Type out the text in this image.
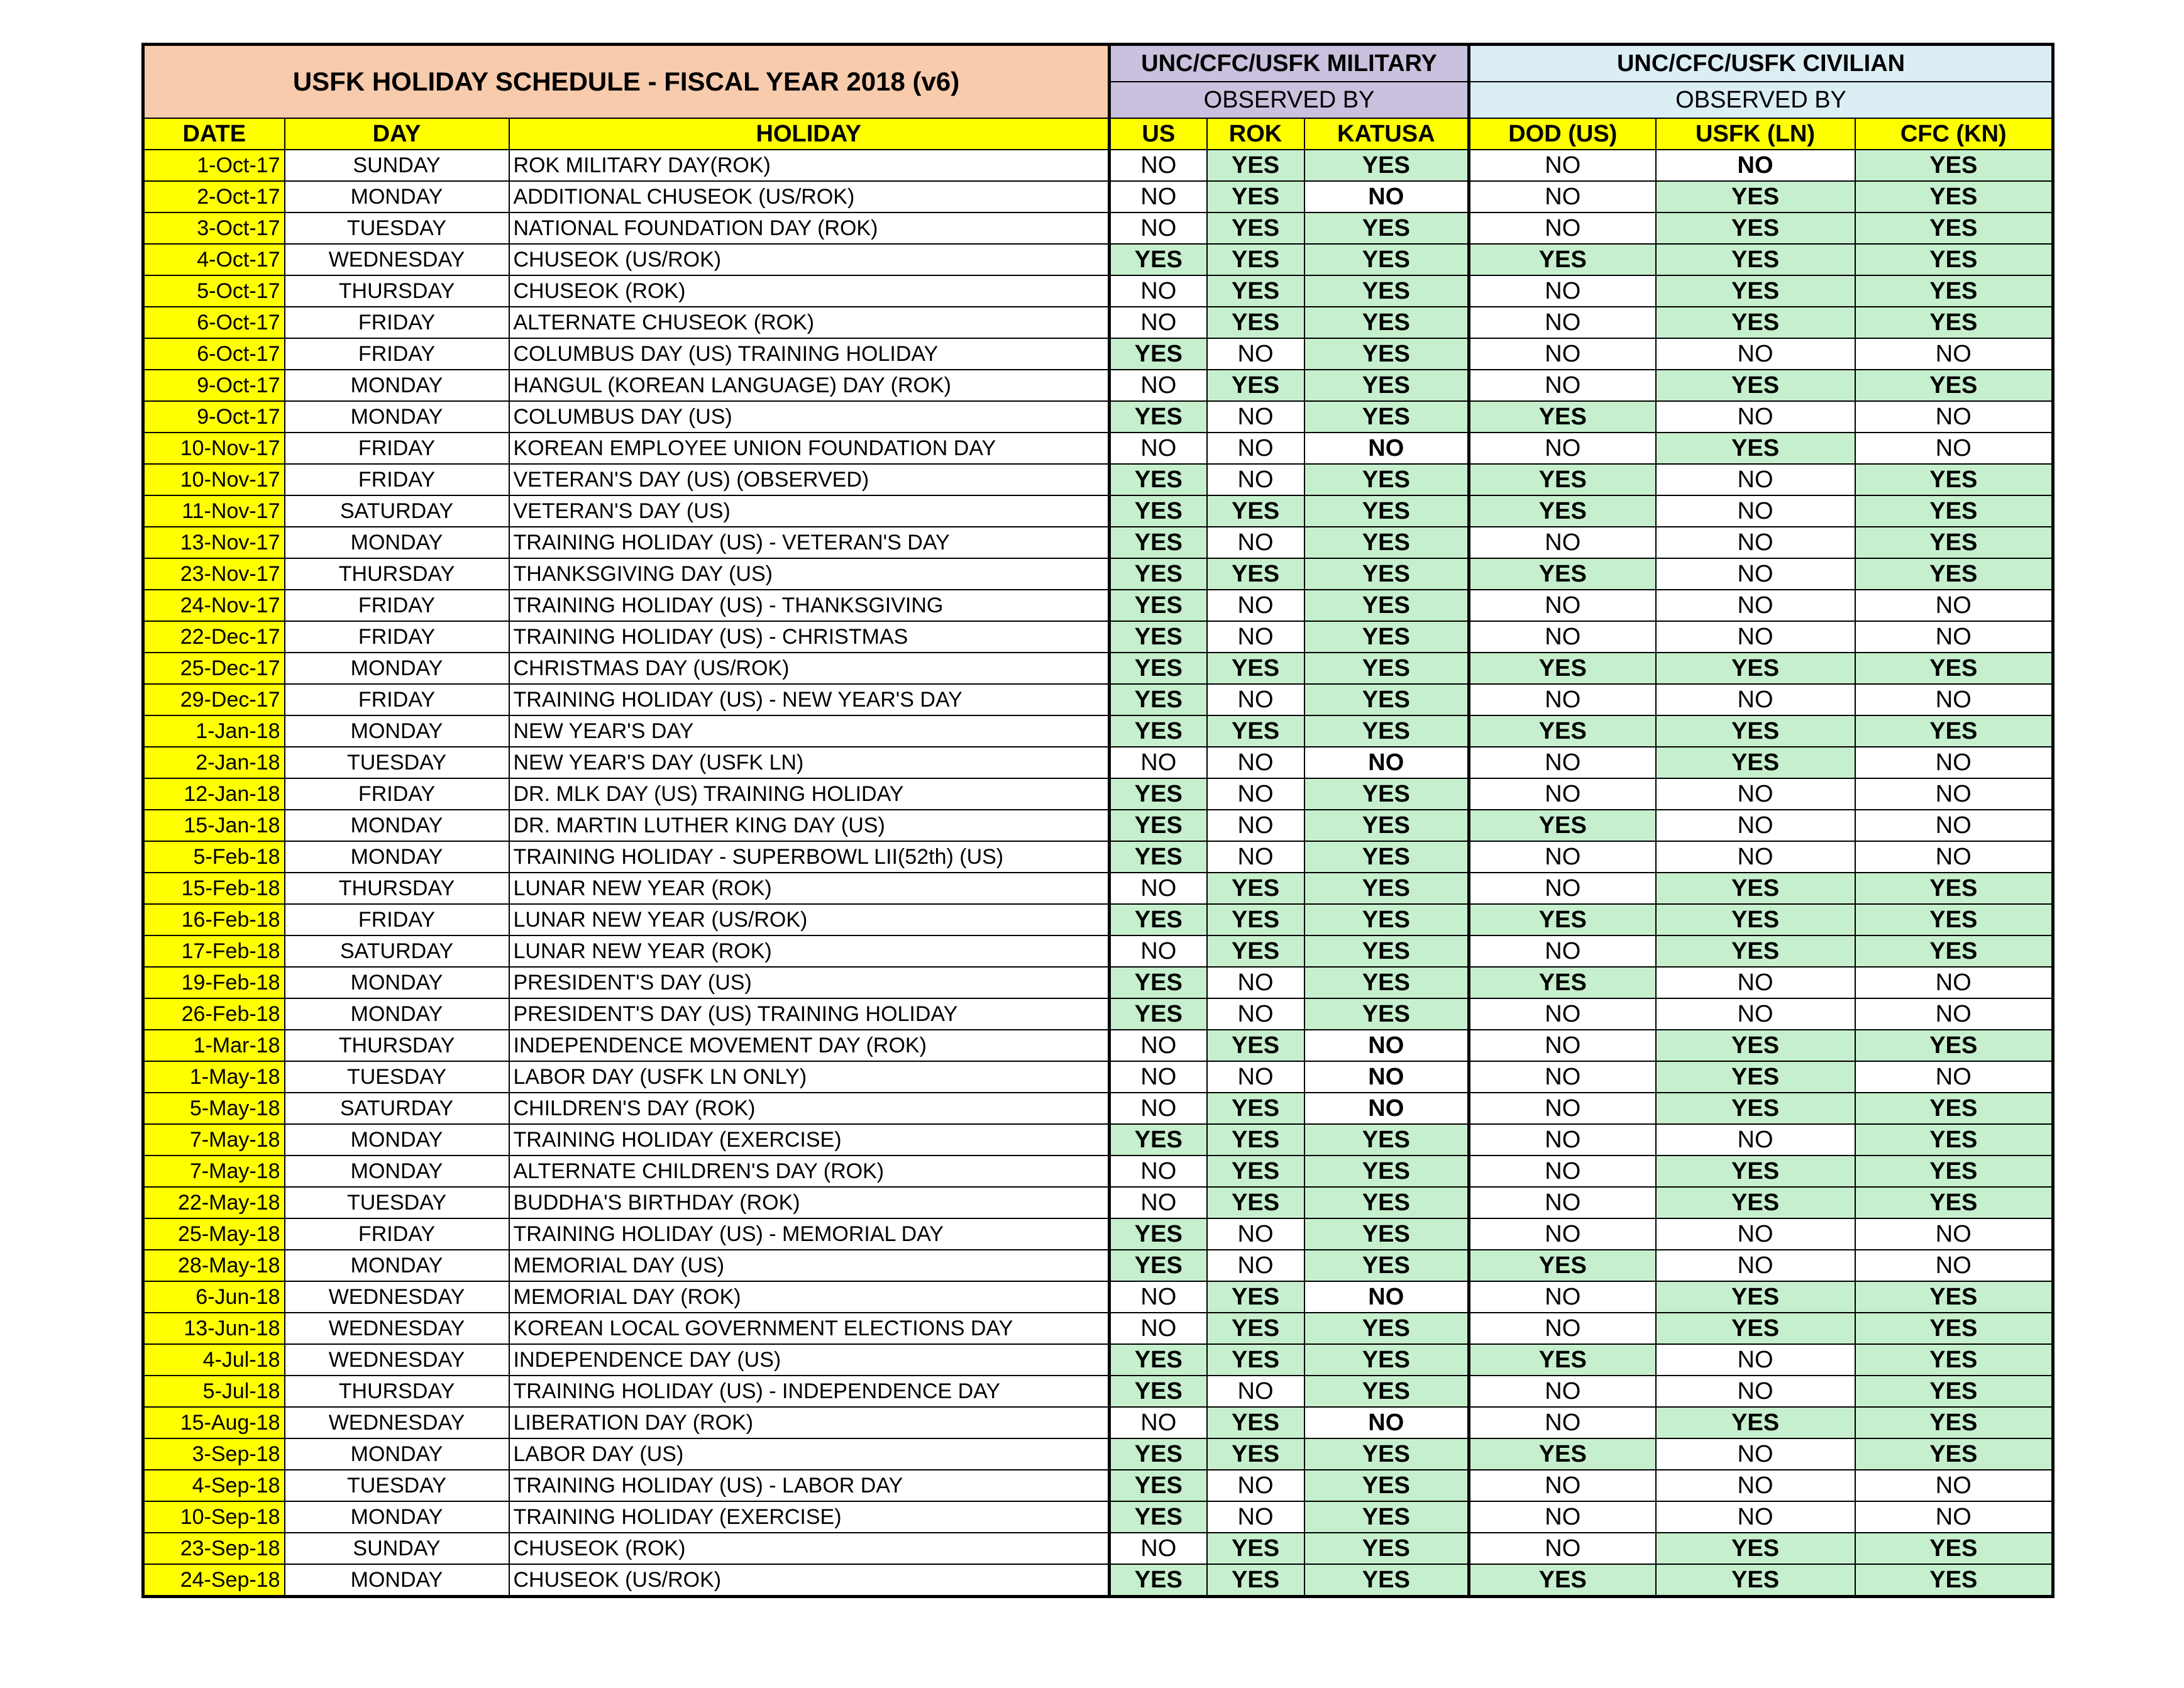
USFK HOLIDAY SCHEDULE - FISCAL YEAR 2018 (v6)			UNC/CFC/USFK MILITARY			UNC/CFC/USFK CIVILIAN		
			OBSERVED BY			OBSERVED BY		
DATE	DAY	HOLIDAY	US	ROK	KATUSA	DOD (US)	USFK (LN)	CFC (KN)
1-Oct-17	SUNDAY	ROK MILITARY DAY(ROK)	NO	YES	YES	NO	NO	YES
2-Oct-17	MONDAY	ADDITIONAL CHUSEOK (US/ROK)	NO	YES	NO	NO	YES	YES
3-Oct-17	TUESDAY	NATIONAL FOUNDATION DAY (ROK)	NO	YES	YES	NO	YES	YES
4-Oct-17	WEDNESDAY	CHUSEOK (US/ROK)	YES	YES	YES	YES	YES	YES
5-Oct-17	THURSDAY	CHUSEOK (ROK)	NO	YES	YES	NO	YES	YES
6-Oct-17	FRIDAY	ALTERNATE CHUSEOK (ROK)	NO	YES	YES	NO	YES	YES
6-Oct-17	FRIDAY	COLUMBUS DAY (US) TRAINING HOLIDAY	YES	NO	YES	NO	NO	NO
9-Oct-17	MONDAY	HANGUL (KOREAN LANGUAGE) DAY (ROK)	NO	YES	YES	NO	YES	YES
9-Oct-17	MONDAY	COLUMBUS DAY (US)	YES	NO	YES	YES	NO	NO
10-Nov-17	FRIDAY	KOREAN EMPLOYEE UNION FOUNDATION DAY	NO	NO	NO	NO	YES	NO
10-Nov-17	FRIDAY	VETERAN'S DAY (US) (OBSERVED)	YES	NO	YES	YES	NO	YES
11-Nov-17	SATURDAY	VETERAN'S DAY (US)	YES	YES	YES	YES	NO	YES
13-Nov-17	MONDAY	TRAINING HOLIDAY (US) - VETERAN'S DAY	YES	NO	YES	NO	NO	YES
23-Nov-17	THURSDAY	THANKSGIVING DAY (US)	YES	YES	YES	YES	NO	YES
24-Nov-17	FRIDAY	TRAINING HOLIDAY (US) - THANKSGIVING	YES	NO	YES	NO	NO	NO
22-Dec-17	FRIDAY	TRAINING HOLIDAY (US) - CHRISTMAS	YES	NO	YES	NO	NO	NO
25-Dec-17	MONDAY	CHRISTMAS DAY (US/ROK)	YES	YES	YES	YES	YES	YES
29-Dec-17	FRIDAY	TRAINING HOLIDAY (US) - NEW YEAR'S DAY	YES	NO	YES	NO	NO	NO
1-Jan-18	MONDAY	NEW YEAR'S DAY	YES	YES	YES	YES	YES	YES
2-Jan-18	TUESDAY	NEW YEAR'S DAY (USFK LN)	NO	NO	NO	NO	YES	NO
12-Jan-18	FRIDAY	DR. MLK DAY (US) TRAINING HOLIDAY	YES	NO	YES	NO	NO	NO
15-Jan-18	MONDAY	DR. MARTIN LUTHER KING DAY (US)	YES	NO	YES	YES	NO	NO
5-Feb-18	MONDAY	TRAINING HOLIDAY - SUPERBOWL LII(52th) (US)	YES	NO	YES	NO	NO	NO
15-Feb-18	THURSDAY	LUNAR NEW YEAR (ROK)	NO	YES	YES	NO	YES	YES
16-Feb-18	FRIDAY	LUNAR NEW YEAR (US/ROK)	YES	YES	YES	YES	YES	YES
17-Feb-18	SATURDAY	LUNAR NEW YEAR (ROK)	NO	YES	YES	NO	YES	YES
19-Feb-18	MONDAY	PRESIDENT'S DAY (US)	YES	NO	YES	YES	NO	NO
26-Feb-18	MONDAY	PRESIDENT'S DAY (US) TRAINING HOLIDAY	YES	NO	YES	NO	NO	NO
1-Mar-18	THURSDAY	INDEPENDENCE MOVEMENT DAY (ROK)	NO	YES	NO	NO	YES	YES
1-May-18	TUESDAY	LABOR DAY (USFK LN ONLY)	NO	NO	NO	NO	YES	NO
5-May-18	SATURDAY	CHILDREN'S DAY (ROK)	NO	YES	NO	NO	YES	YES
7-May-18	MONDAY	TRAINING HOLIDAY (EXERCISE)	YES	YES	YES	NO	NO	YES
7-May-18	MONDAY	ALTERNATE CHILDREN'S DAY (ROK)	NO	YES	YES	NO	YES	YES
22-May-18	TUESDAY	BUDDHA'S BIRTHDAY (ROK)	NO	YES	YES	NO	YES	YES
25-May-18	FRIDAY	TRAINING HOLIDAY (US) - MEMORIAL DAY	YES	NO	YES	NO	NO	NO
28-May-18	MONDAY	MEMORIAL DAY (US)	YES	NO	YES	YES	NO	NO
6-Jun-18	WEDNESDAY	MEMORIAL DAY (ROK)	NO	YES	NO	NO	YES	YES
13-Jun-18	WEDNESDAY	KOREAN LOCAL GOVERNMENT ELECTIONS DAY	NO	YES	YES	NO	YES	YES
4-Jul-18	WEDNESDAY	INDEPENDENCE DAY (US)	YES	YES	YES	YES	NO	YES
5-Jul-18	THURSDAY	TRAINING HOLIDAY (US) - INDEPENDENCE DAY	YES	NO	YES	NO	NO	YES
15-Aug-18	WEDNESDAY	LIBERATION DAY (ROK)	NO	YES	NO	NO	YES	YES
3-Sep-18	MONDAY	LABOR DAY (US)	YES	YES	YES	YES	NO	YES
4-Sep-18	TUESDAY	TRAINING HOLIDAY (US) - LABOR DAY	YES	NO	YES	NO	NO	NO
10-Sep-18	MONDAY	TRAINING HOLIDAY (EXERCISE)	YES	NO	YES	NO	NO	NO
23-Sep-18	SUNDAY	CHUSEOK (ROK)	NO	YES	YES	NO	YES	YES
24-Sep-18	MONDAY	CHUSEOK (US/ROK)	YES	YES	YES	YES	YES	YES
